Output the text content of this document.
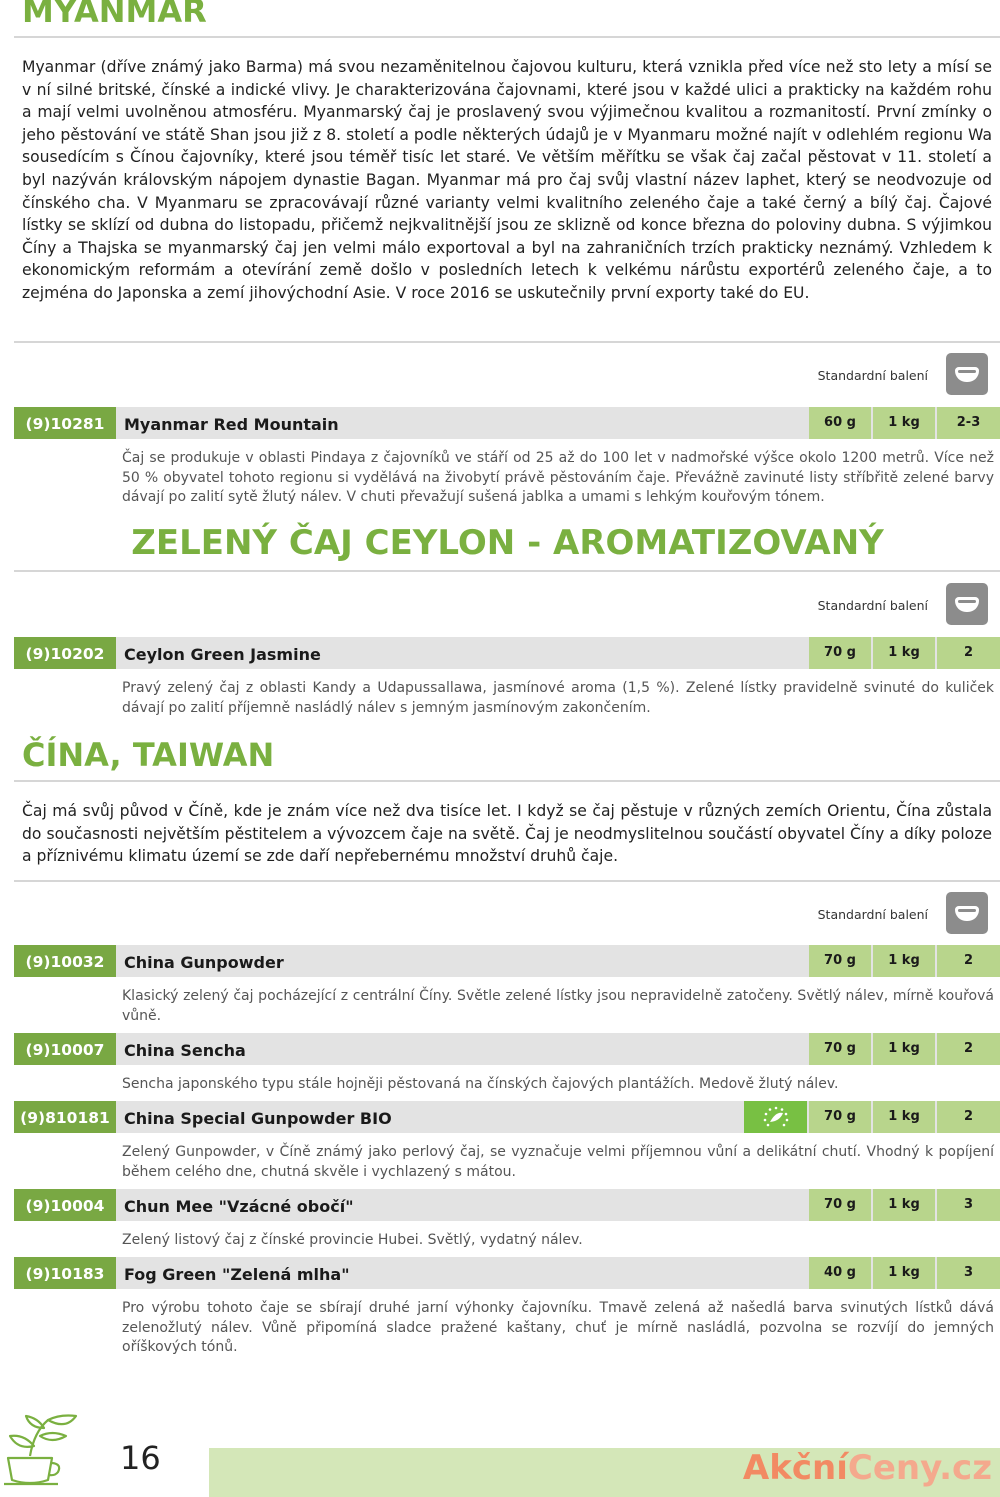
MYANMAR
Myanmar (dříve známý jako Barma) má svou nezaměnitelnou čajovou kulturu, která vznikla před více než sto lety a mísí se v ní silné britské, čínské a indické vlivy. Je charakterizována čajovnami, které jsou v každé ulici a prakticky na každém rohu a mají velmi uvolněnou atmosféru. Myanmarský čaj je proslavený svou výjimečnou kvalitou a rozmanitostí. První zmínky o jeho pěstování ve státě Shan jsou již z 8. století a podle některých údajů je v Myanmaru možné najít v odlehlém regionu Wa sousedícím s Čínou čajovníky, které jsou téměř tisíc let staré. Ve větším měřítku se však čaj začal pěstovat v 11. století a byl nazýván královským nápojem dynastie Bagan. Myanmar má pro čaj svůj vlastní název laphet, který se neodvozuje od čínského cha. V Myanmaru se zpracovávají různé varianty velmi kvalitního zeleného čaje a také černý a bílý čaj. Čajové lístky se sklízí od dubna do listopadu, přičemž nejkvalitnější jsou ze sklizně od konce března do poloviny dubna. S výjimkou Číny a Thajska se myanmarský čaj jen velmi málo exportoval a byl na zahraničních trzích prakticky neznámý. Vzhledem k ekonomickým reformám a otevírání země došlo v posledních letech k velkému nárůstu exportérů zeleného čaje, a to zejména do Japonska a zemí jihovýchodní Asie. V roce 2016 se uskutečnily první exporty také do EU.
Standardní balení
(9)10281	Myanmar Red Mountain	60 g	1 kg	2-3
Čaj se produkuje v oblasti Pindaya z čajovníků ve stáří od 25 až do 100 let v nadmořské výšce okolo 1200 metrů. Více než 50 % obyvatel tohoto regionu si vydělává na živobytí právě pěstováním čaje. Převážně zavinuté listy stříbřitě zelené barvy dávají po zalití sytě žlutý nálev. V chuti převažují sušená jablka a umami s lehkým kouřovým tónem.
ZELENÝ ČAJ CEYLON - AROMATIZOVANÝ
Standardní balení
(9)10202	Ceylon Green Jasmine	70 g	1 kg	2
Pravý zelený čaj z oblasti Kandy a Udapussallawa, jasmínové aroma (1,5 %). Zelené lístky pravidelně svinuté do kuliček dávají po zalití příjemně nasládlý nálev s jemným jasmínovým zakončením.
ČÍNA, TAIWAN
Čaj má svůj původ v Číně, kde je znám více než dva tisíce let. I když se čaj pěstuje v různých zemích Orientu, Čína zůstala do současnosti největším pěstitelem a vývozcem čaje na světě. Čaj je neodmyslitelnou součástí obyvatel Číny a díky poloze a příznivému klimatu území se zde daří nepřebernému množství druhů čaje.
Standardní balení
(9)10032	China Gunpowder	70 g	1 kg	2
Klasický zelený čaj pocházející z centrální Číny. Světle zelené lístky jsou nepravidelně zatočeny. Světlý nálev, mírně kouřová vůně.
(9)10007	China Sencha	70 g	1 kg	2
Sencha japonského typu stále hojněji pěstovaná na čínských čajových plantážích. Medově žlutý nálev.
(9)810181 China Special Gunpowder BIO	70 g	1 kg	2
Zelený Gunpowder, v Číně známý jako perlový čaj, se vyznačuje velmi příjemnou vůní a delikátní chutí. Vhodný k popíjení během celého dne, chutná skvěle i vychlazený s mátou.
(9)10004	Chun Mee "Vzácné obočí"	70 g	1 kg	3
Zelený listový čaj z čínské provincie Hubei. Světlý, vydatný nálev.
(9)10183	Fog Green "Zelená mlha"	40 g	1 kg	3
Pro výrobu tohoto čaje se sbírají druhé jarní výhonky čajovníku. Tmavě zelená až našedlá barva svinutých lístků dává zelenožlutý nálev. Vůně připomíná sladce pražené kaštany, chuť je mírně nasládlá, pozvolna se rozvíjí do jemných oříškových tónů.
16	AkčníCeny.cz
